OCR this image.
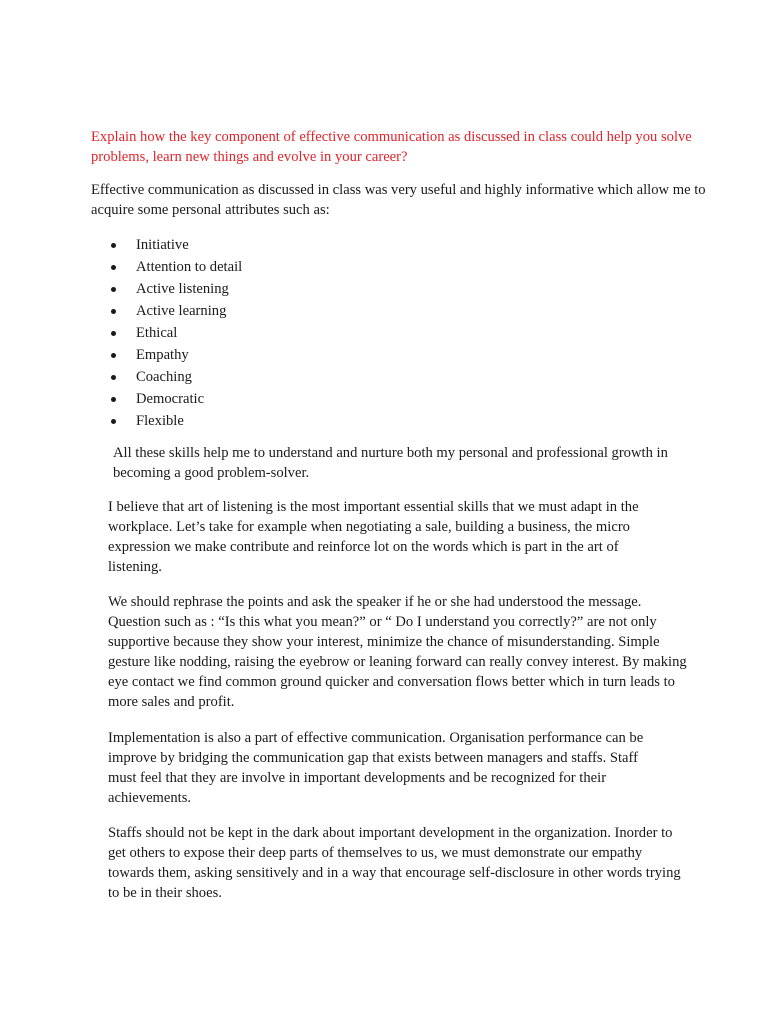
Explain how the key component of effective communication as discussed in class could help you solve problems, learn new things and evolve in your career?

Effective communication as discussed in class was very useful and highly informative which allow me to acquire some personal attributes such as:

Initiative
Attention to detail
Active listening
Active learning
Ethical
Empathy
Coaching
Democratic
Flexible

All these skills help me to understand and nurture both my personal and professional growth in becoming a good problem-solver.

I believe that art of listening is the most important essential skills that we must adapt in the workplace. Let’s take for example when negotiating a sale, building a business, the micro expression we make contribute and reinforce lot on the words which is part in the art of listening.

We should rephrase the points and ask the speaker if he or she had understood the message. Question such as : “Is this what you mean?” or “ Do I understand you correctly?” are not only supportive because they show your interest, minimize the chance of misunderstanding. Simple gesture like nodding, raising the eyebrow or leaning forward can really convey interest. By making eye contact we find common ground quicker and conversation flows better which in turn leads to more sales and profit.

Implementation is also a part of effective communication. Organisation performance can be improve by bridging the communication gap that exists between managers and staffs. Staff must feel that they are involve in important developments and be recognized for their achievements.

Staffs should not be kept in the dark about important development in the organization. Inorder to get others to expose their deep parts of themselves to us, we must demonstrate our empathy towards them, asking sensitively and in a way that encourage self-disclosure in other words trying to be in their shoes.
